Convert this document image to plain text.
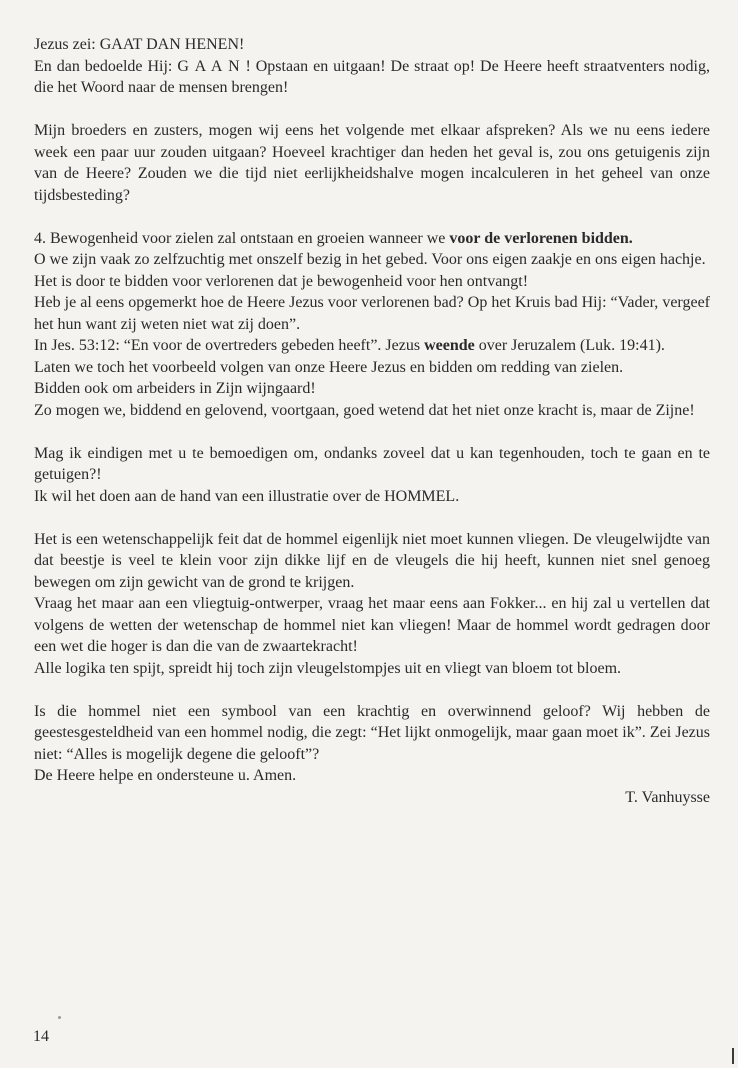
Jezus zei: GAAT DAN HENEN!

En dan bedoelde Hij: G A A N ! Opstaan en uitgaan! De straat op! De Heere heeft straatventers nodig, die het Woord naar de mensen brengen!

Mijn broeders en zusters, mogen wij eens het volgende met elkaar afspreken? Als we nu eens iedere week een paar uur zouden uitgaan? Hoeveel krachtiger dan heden het geval is, zou ons getuigenis zijn van de Heere? Zouden we die tijd niet eerlijkheidshalve mogen incalculeren in het geheel van onze tijdsbesteding?

4. Bewogenheid voor zielen zal ontstaan en groeien wanneer we voor de verlorenen bidden.

O we zijn vaak zo zelfzuchtig met onszelf bezig in het gebed. Voor ons eigen zaakje en ons eigen hachje.

Het is door te bidden voor verlorenen dat je bewogenheid voor hen ontvangt!

Heb je al eens opgemerkt hoe de Heere Jezus voor verlorenen bad? Op het Kruis bad Hij: “Vader, vergeef het hun want zij weten niet wat zij doen”.

In Jes. 53:12: “En voor de overtreders gebeden heeft”. Jezus weende over Jeruzalem (Luk. 19:41).

Laten we toch het voorbeeld volgen van onze Heere Jezus en bidden om redding van zielen.

Bidden ook om arbeiders in Zijn wijngaard!

Zo mogen we, biddend en gelovend, voortgaan, goed wetend dat het niet onze kracht is, maar de Zijne!

Mag ik eindigen met u te bemoedigen om, ondanks zoveel dat u kan tegenhouden, toch te gaan en te getuigen?!

Ik wil het doen aan de hand van een illustratie over de HOMMEL.

Het is een wetenschappelijk feit dat de hommel eigenlijk niet moet kunnen vliegen. De vleugelwijdte van dat beestje is veel te klein voor zijn dikke lijf en de vleugels die hij heeft, kunnen niet snel genoeg bewegen om zijn gewicht van de grond te krijgen.

Vraag het maar aan een vliegtuig-ontwerper, vraag het maar eens aan Fokker... en hij zal u vertellen dat volgens de wetten der wetenschap de hommel niet kan vliegen! Maar de hommel wordt gedragen door een wet die hoger is dan die van de zwaartekracht!

Alle logika ten spijt, spreidt hij toch zijn vleugelstompjes uit en vliegt van bloem tot bloem.

Is die hommel niet een symbool van een krachtig en overwinnend geloof? Wij hebben de geestesgesteldheid van een hommel nodig, die zegt: “Het lijkt onmogelijk, maar gaan moet ik”. Zei Jezus niet: “Alles is mogelijk degene die gelooft”?

De Heere helpe en ondersteune u. Amen.

T. Vanhuysse

14
